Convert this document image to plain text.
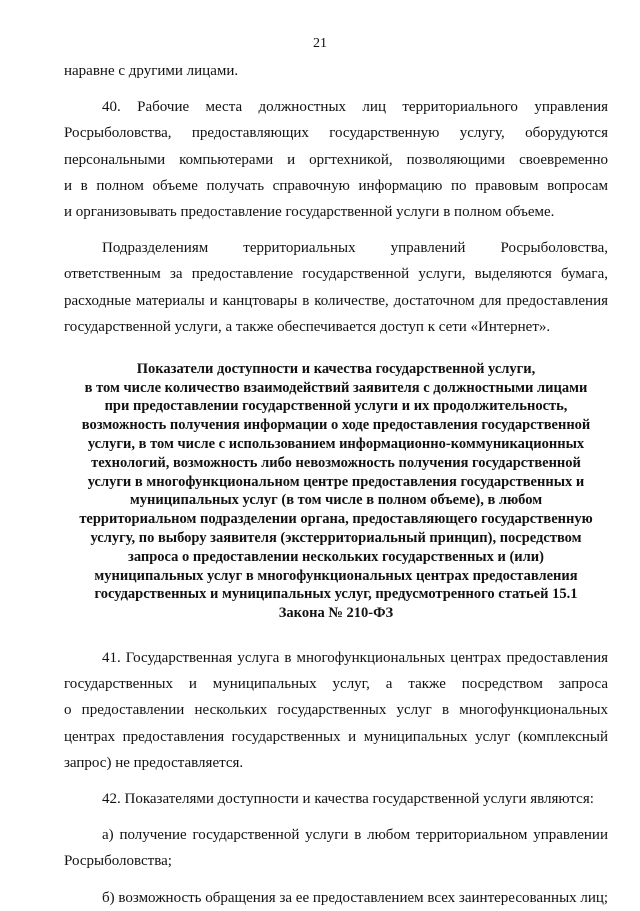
21
наравне с другими лицами.
40. Рабочие места должностных лиц территориального управления
Росрыболовства, предоставляющих государственную услугу, оборудуются
персональными компьютерами и оргтехникой, позволяющими своевременно
и в полном объеме получать справочную информацию по правовым вопросам
и организовывать предоставление государственной услуги в полном объеме.
Подразделениям территориальных управлений Росрыболовства,
ответственным за предоставление государственной услуги, выделяются бумага,
расходные материалы и канцтовары в количестве, достаточном для предоставления
государственной услуги, а также обеспечивается доступ к сети «Интернет».
Показатели доступности и качества государственной услуги,
в том числе количество взаимодействий заявителя с должностными лицами
при предоставлении государственной услуги и их продолжительность,
возможность получения информации о ходе предоставления государственной
услуги, в том числе с использованием информационно-коммуникационных
технологий, возможность либо невозможность получения государственной
услуги в многофункциональном центре предоставления государственных и
муниципальных услуг (в том числе в полном объеме), в любом
территориальном подразделении органа, предоставляющего государственную
услугу, по выбору заявителя (экстерриториальный принцип), посредством
запроса о предоставлении нескольких государственных и (или)
муниципальных услуг в многофункциональных центрах предоставления
государственных и муниципальных услуг, предусмотренного статьей 15.1
Закона № 210-ФЗ
41. Государственная услуга в многофункциональных центрах предоставления
государственных и муниципальных услуг, а также посредством запроса
о предоставлении нескольких государственных услуг в многофункциональных
центрах предоставления государственных и муниципальных услуг (комплексный
запрос) не предоставляется.
42. Показателями доступности и качества государственной услуги являются:
а) получение государственной услуги в любом территориальном управлении
Росрыболовства;
б) возможность обращения за ее предоставлением всех заинтересованных лиц;
